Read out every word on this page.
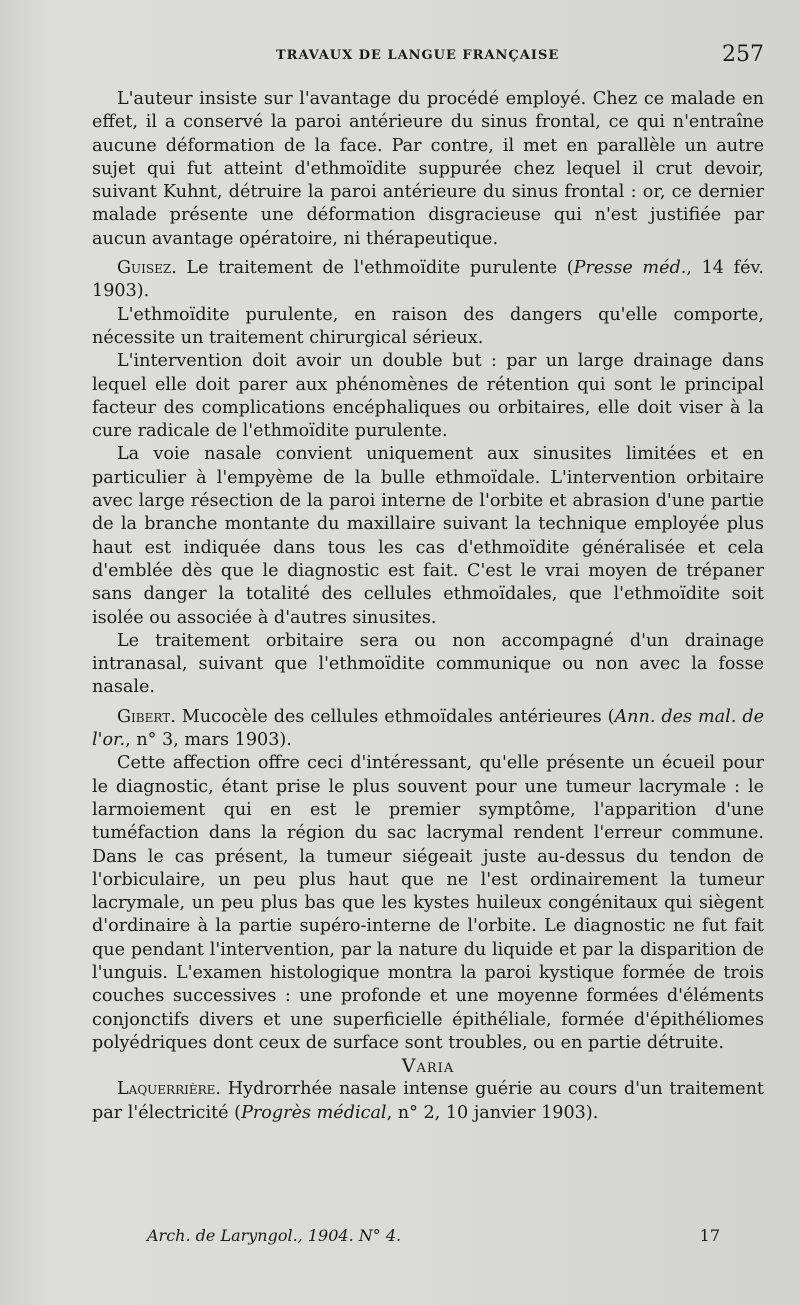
TRAVAUX DE LANGUE FRANÇAISE	257

L'auteur insiste sur l'avantage du procédé employé. Chez ce malade en effet, il a conservé la paroi antérieure du sinus frontal, ce qui n'entraîne aucune déformation de la face. Par contre, il met en parallèle un autre sujet qui fut atteint d'ethmoïdite suppurée chez lequel il crut devoir, suivant Kuhnt, détruire la paroi antérieure du sinus frontal : or, ce dernier malade présente une déformation disgracieuse qui n'est justifiée par aucun avantage opératoire, ni thérapeutique.

Guisez. Le traitement de l'ethmoïdite purulente (Presse méd., 14 fév. 1903).

L'ethmoïdite purulente, en raison des dangers qu'elle comporte, nécessite un traitement chirurgical sérieux.

L'intervention doit avoir un double but : par un large drainage dans lequel elle doit parer aux phénomènes de rétention qui sont le principal facteur des complications encéphaliques ou orbitaires, elle doit viser à la cure radicale de l'ethmoïdite purulente.

La voie nasale convient uniquement aux sinusites limitées et en particulier à l'empyème de la bulle ethmoïdale. L'intervention orbitaire avec large résection de la paroi interne de l'orbite et abrasion d'une partie de la branche montante du maxillaire suivant la technique employée plus haut est indiquée dans tous les cas d'ethmoïdite généralisée et cela d'emblée dès que le diagnostic est fait. C'est le vrai moyen de trépaner sans danger la totalité des cellules ethmoïdales, que l'ethmoïdite soit isolée ou associée à d'autres sinusites.

Le traitement orbitaire sera ou non accompagné d'un drainage intranasal, suivant que l'ethmoïdite communique ou non avec la fosse nasale.

Gibert. Mucocèle des cellules ethmoïdales antérieures (Ann. des mal. de l'or., n° 3, mars 1903).

Cette affection offre ceci d'intéressant, qu'elle présente un écueil pour le diagnostic, étant prise le plus souvent pour une tumeur lacrymale : le larmoiement qui en est le premier symptôme, l'apparition d'une tuméfaction dans la région du sac lacrymal rendent l'erreur commune. Dans le cas présent, la tumeur siégeait juste au-dessus du tendon de l'orbiculaire, un peu plus haut que ne l'est ordinairement la tumeur lacrymale, un peu plus bas que les kystes huileux congénitaux qui siègent d'ordinaire à la partie supéro-interne de l'orbite. Le diagnostic ne fut fait que pendant l'intervention, par la nature du liquide et par la disparition de l'unguis. L'examen histologique montra la paroi kystique formée de trois couches successives : une profonde et une moyenne formées d'éléments conjonctifs divers et une superficielle épithéliale, formée d'épithéliomes polyédriques dont ceux de surface sont troubles, ou en partie détruite.

Varia

Laquerrière. Hydrorrhée nasale intense guérie au cours d'un traitement par l'électricité (Progrès médical, n° 2, 10 janvier 1903).

Arch. de Laryngol., 1904. N° 4.	17
